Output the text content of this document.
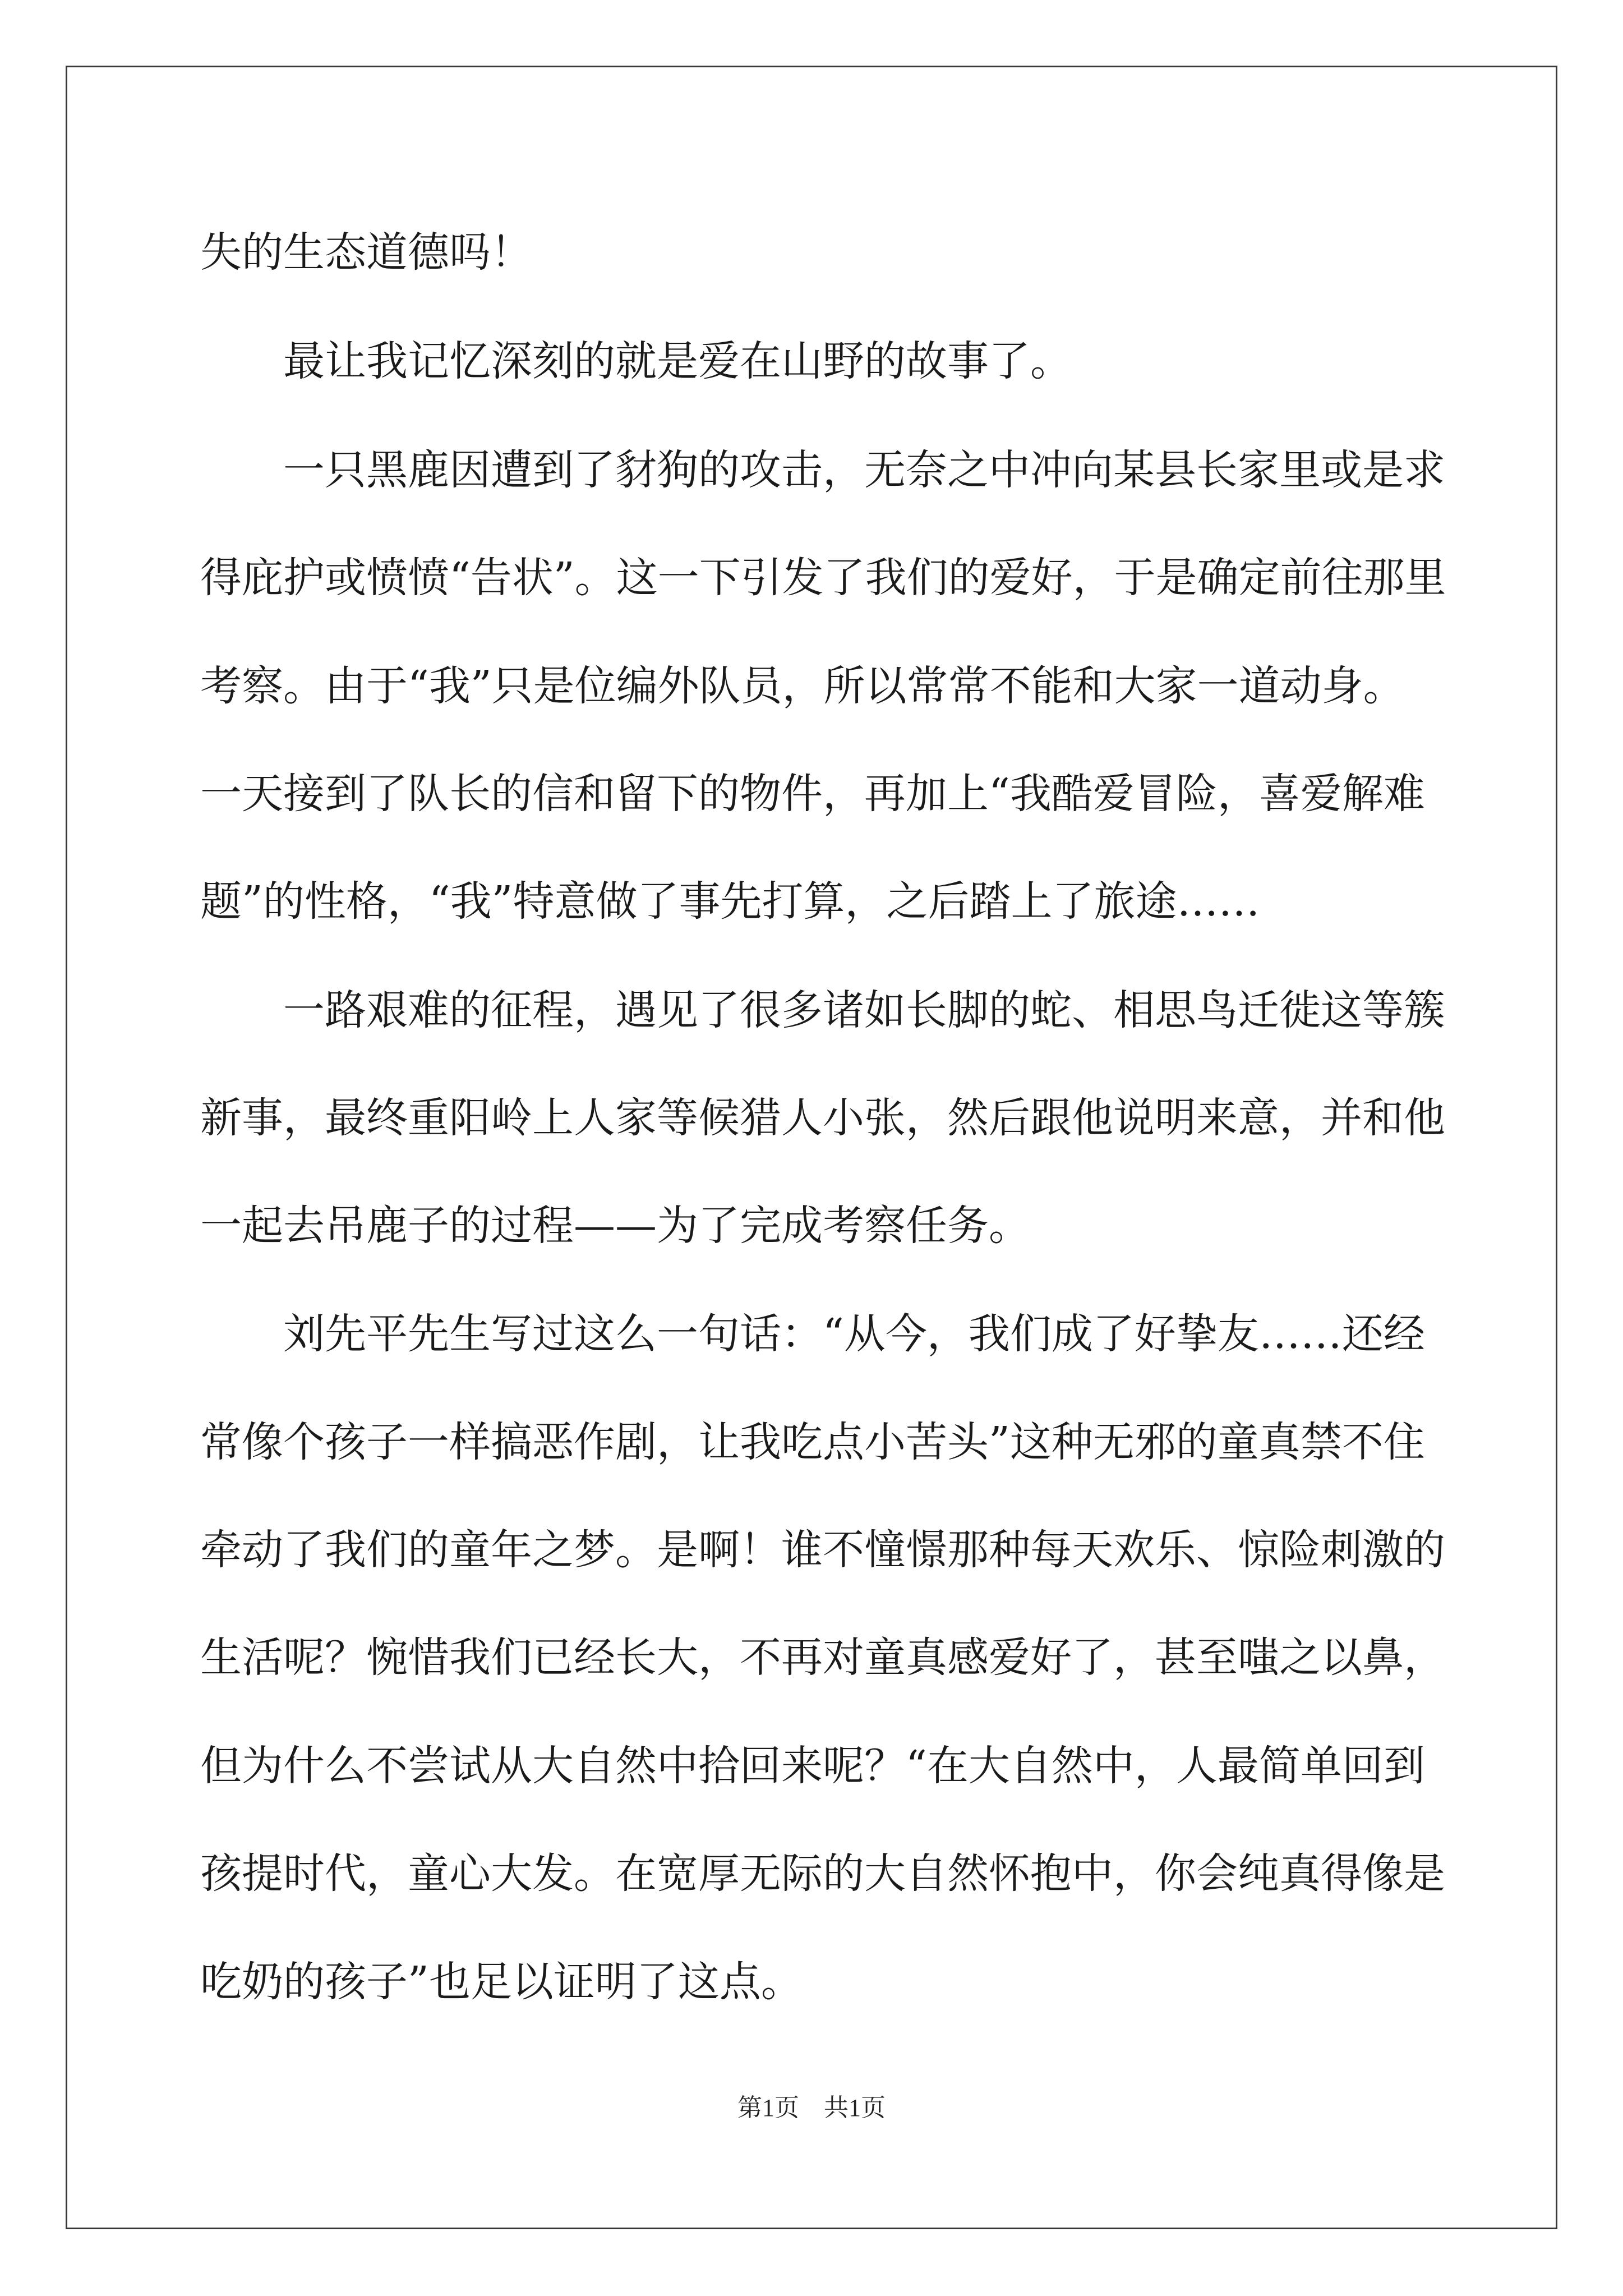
失的生态道德吗！
最让我记忆深刻的就是爱在山野的故事了。
一只黑鹿因遭到了豺狗的攻击，无奈之中冲向某县长家里或是求
得庇护或愤愤“告状”。这一下引发了我们的爱好，于是确定前往那里
考察。由于“我”只是位编外队员，所以常常不能和大家一道动身。
一天接到了队长的信和留下的物件，再加上“我酷爱冒险，喜爱解难
题”的性格，“我”特意做了事先打算，之后踏上了旅途……
一路艰难的征程，遇见了很多诸如长脚的蛇、相思鸟迁徙这等簇
新事，最终重阳岭上人家等候猎人小张，然后跟他说明来意，并和他
一起去吊鹿子的过程——为了完成考察任务。
刘先平先生写过这么一句话：“从今，我们成了好挚友……还经
常像个孩子一样搞恶作剧，让我吃点小苦头”这种无邪的童真禁不住
牵动了我们的童年之梦。是啊！谁不憧憬那种每天欢乐、惊险刺激的
生活呢？惋惜我们已经长大，不再对童真感爱好了，甚至嗤之以鼻，
但为什么不尝试从大自然中拾回来呢？“在大自然中，人最简单回到
孩提时代，童心大发。在宽厚无际的大自然怀抱中，你会纯真得像是
吃奶的孩子”也足以证明了这点。
第1页 共1页
